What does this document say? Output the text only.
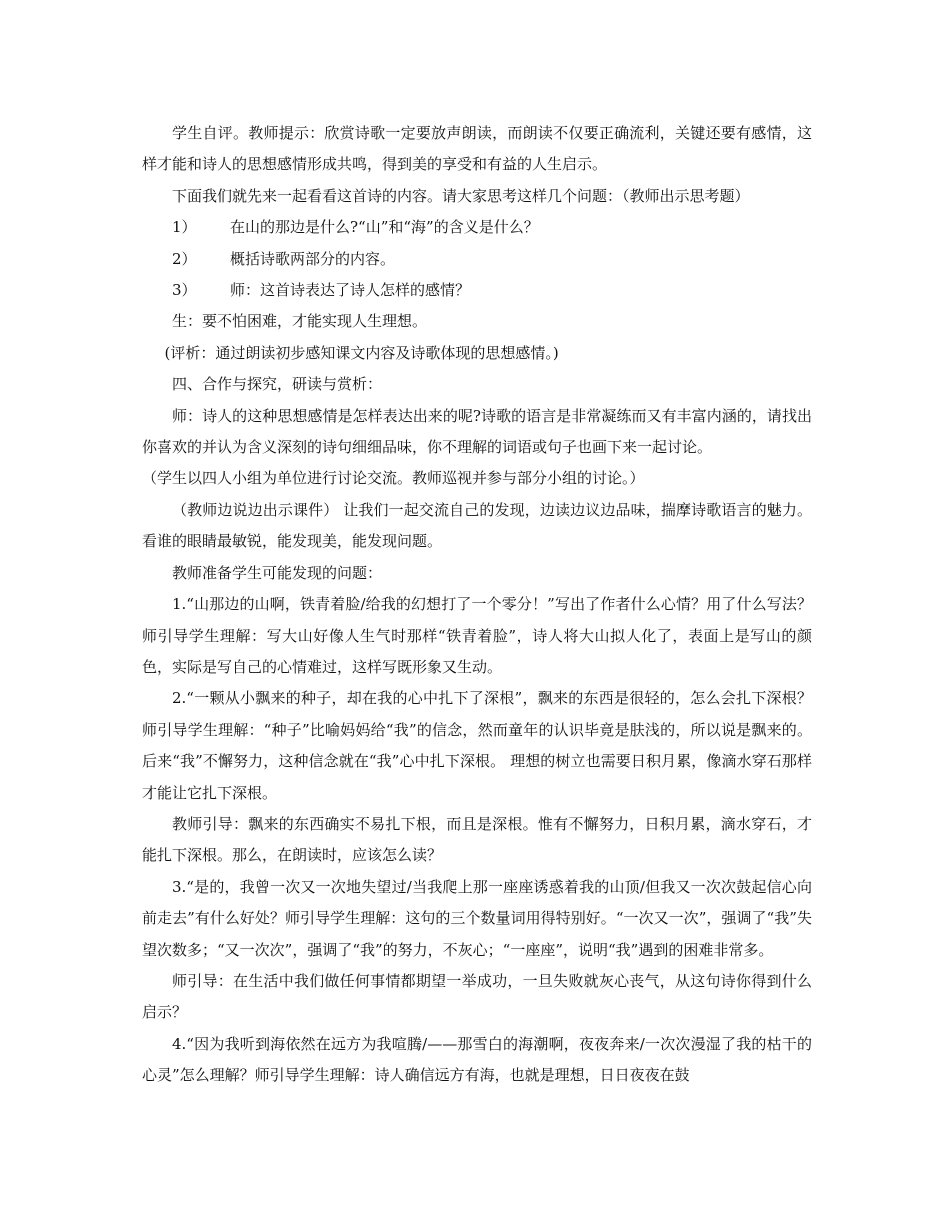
学生自评。教师提示：欣赏诗歌一定要放声朗读，而朗读不仅要正确流利，关键还要有感情，这样才能和诗人的思想感情形成共鸣，得到美的享受和有益的人生启示。

下面我们就先来一起看看这首诗的内容。请大家思考这样几个问题：（教师出示思考题）

1） 在山的那边是什么?“山”和“海”的含义是什么？

2） 概括诗歌两部分的内容。

3） 师：这首诗表达了诗人怎样的感情？

生：要不怕困难，才能实现人生理想。

(评析：通过朗读初步感知课文内容及诗歌体现的思想感情。)

四、合作与探究，研读与赏析：

师：诗人的这种思想感情是怎样表达出来的呢?诗歌的语言是非常凝练而又有丰富内涵的，请找出你喜欢的并认为含义深刻的诗句细细品味，你不理解的词语或句子也画下来一起讨论。

（学生以四人小组为单位进行讨论交流。教师巡视并参与部分小组的讨论。）

（教师边说边出示课件） 让我们一起交流自己的发现，边读边议边品味，揣摩诗歌语言的魅力。看谁的眼睛最敏锐，能发现美，能发现问题。

教师准备学生可能发现的问题：

1.“山那边的山啊，铁青着脸/给我的幻想打了一个零分！”写出了作者什么心情？用了什么写法？师引导学生理解：写大山好像人生气时那样“铁青着脸”，诗人将大山拟人化了，表面上是写山的颜色，实际是写自己的心情难过，这样写既形象又生动。

2.“一颗从小飘来的种子，却在我的心中扎下了深根”，飘来的东西是很轻的，怎么会扎下深根？师引导学生理解：“种子”比喻妈妈给“我”的信念，然而童年的认识毕竟是肤浅的，所以说是飘来的。后来“我”不懈努力，这种信念就在“我”心中扎下深根。 理想的树立也需要日积月累，像滴水穿石那样才能让它扎下深根。

教师引导：飘来的东西确实不易扎下根，而且是深根。惟有不懈努力，日积月累，滴水穿石，才能扎下深根。那么，在朗读时，应该怎么读？

3.“是的，我曾一次又一次地失望过/当我爬上那一座座诱惑着我的山顶/但我又一次次鼓起信心向前走去”有什么好处？师引导学生理解：这句的三个数量词用得特别好。“一次又一次”，强调了“我”失望次数多；“又一次次”，强调了“我”的努力，不灰心；“一座座”，说明“我”遇到的困难非常多。

师引导：在生活中我们做任何事情都期望一举成功，一旦失败就灰心丧气，从这句诗你得到什么启示？

4.“因为我听到海依然在远方为我喧腾/——那雪白的海潮啊，夜夜奔来/一次次漫湿了我的枯干的心灵”怎么理解？师引导学生理解：诗人确信远方有海，也就是理想，日日夜夜在鼓
